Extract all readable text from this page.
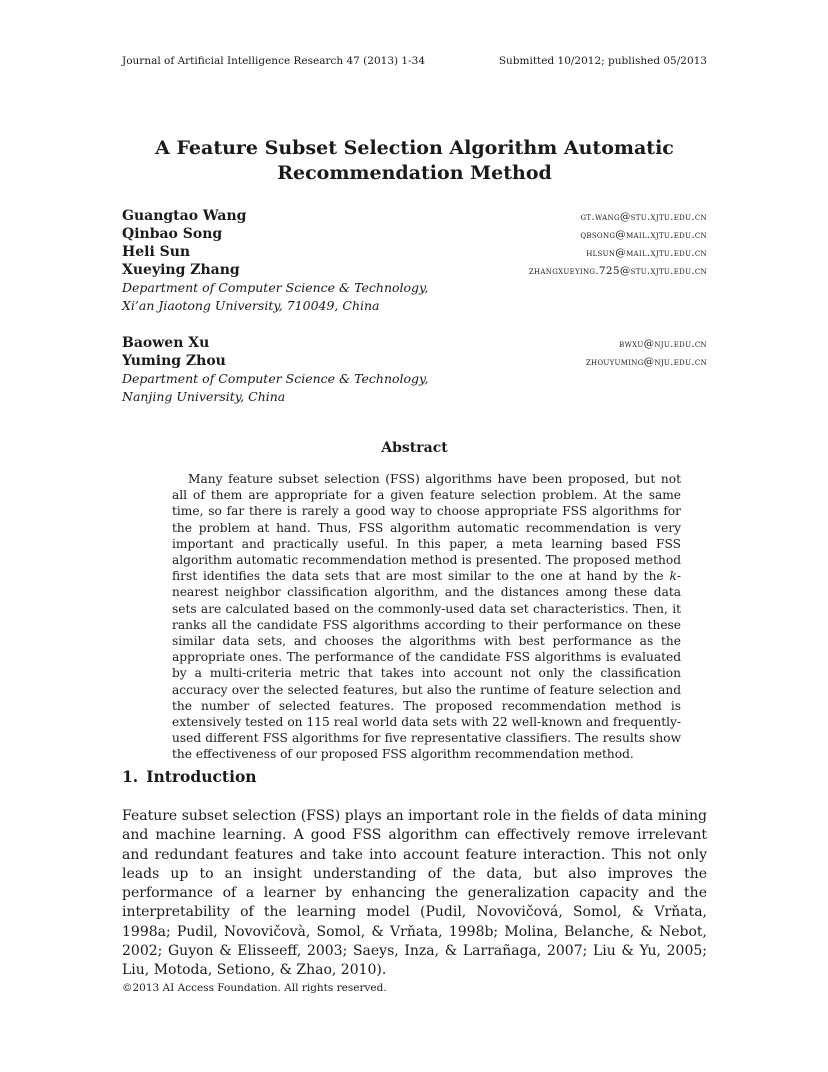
Journal of Artificial Intelligence Research 47 (2013) 1-34	Submitted 10/2012; published 05/2013
A Feature Subset Selection Algorithm Automatic
Recommendation Method
Guangtao Wang	gt.wang@stu.xjtu.edu.cn
Qinbao Song	qbsong@mail.xjtu.edu.cn
Heli Sun	hlsun@mail.xjtu.edu.cn
Xueying Zhang	zhangxueying.725@stu.xjtu.edu.cn
Department of Computer Science & Technology,
Xi’an Jiaotong University, 710049, China
Baowen Xu	bwxu@nju.edu.cn
Yuming Zhou	zhouyuming@nju.edu.cn
Department of Computer Science & Technology,
Nanjing University, China
Abstract

Many feature subset selection (FSS) algorithms have been proposed, but not all of them are appropriate for a given feature selection problem. At the same time, so far there is rarely a good way to choose appropriate FSS algorithms for the problem at hand. Thus, FSS algorithm automatic recommendation is very important and practically useful. In this paper, a meta learning based FSS algorithm automatic recommendation method is presented. The proposed method first identifies the data sets that are most similar to the one at hand by the k-nearest neighbor classification algorithm, and the distances among these data sets are calculated based on the commonly-used data set characteristics. Then, it ranks all the candidate FSS algorithms according to their performance on these similar data sets, and chooses the algorithms with best performance as the appropriate ones. The performance of the candidate FSS algorithms is evaluated by a multi-criteria metric that takes into account not only the classification accuracy over the selected features, but also the runtime of feature selection and the number of selected features. The proposed recommendation method is extensively tested on 115 real world data sets with 22 well-known and frequently-used different FSS algorithms for five representative classifiers. The results show the effectiveness of our proposed FSS algorithm recommendation method.

1. Introduction

Feature subset selection (FSS) plays an important role in the fields of data mining and machine learning. A good FSS algorithm can effectively remove irrelevant and redundant features and take into account feature interaction. This not only leads up to an insight understanding of the data, but also improves the performance of a learner by enhancing the generalization capacity and the interpretability of the learning model (Pudil, Novovičová, Somol, & Vrňata, 1998a; Pudil, Novovičovà, Somol, & Vrňata, 1998b; Molina, Belanche, & Nebot, 2002; Guyon & Elisseeff, 2003; Saeys, Inza, & Larrañaga, 2007; Liu & Yu, 2005; Liu, Motoda, Setiono, & Zhao, 2010).

©2013 AI Access Foundation. All rights reserved.
